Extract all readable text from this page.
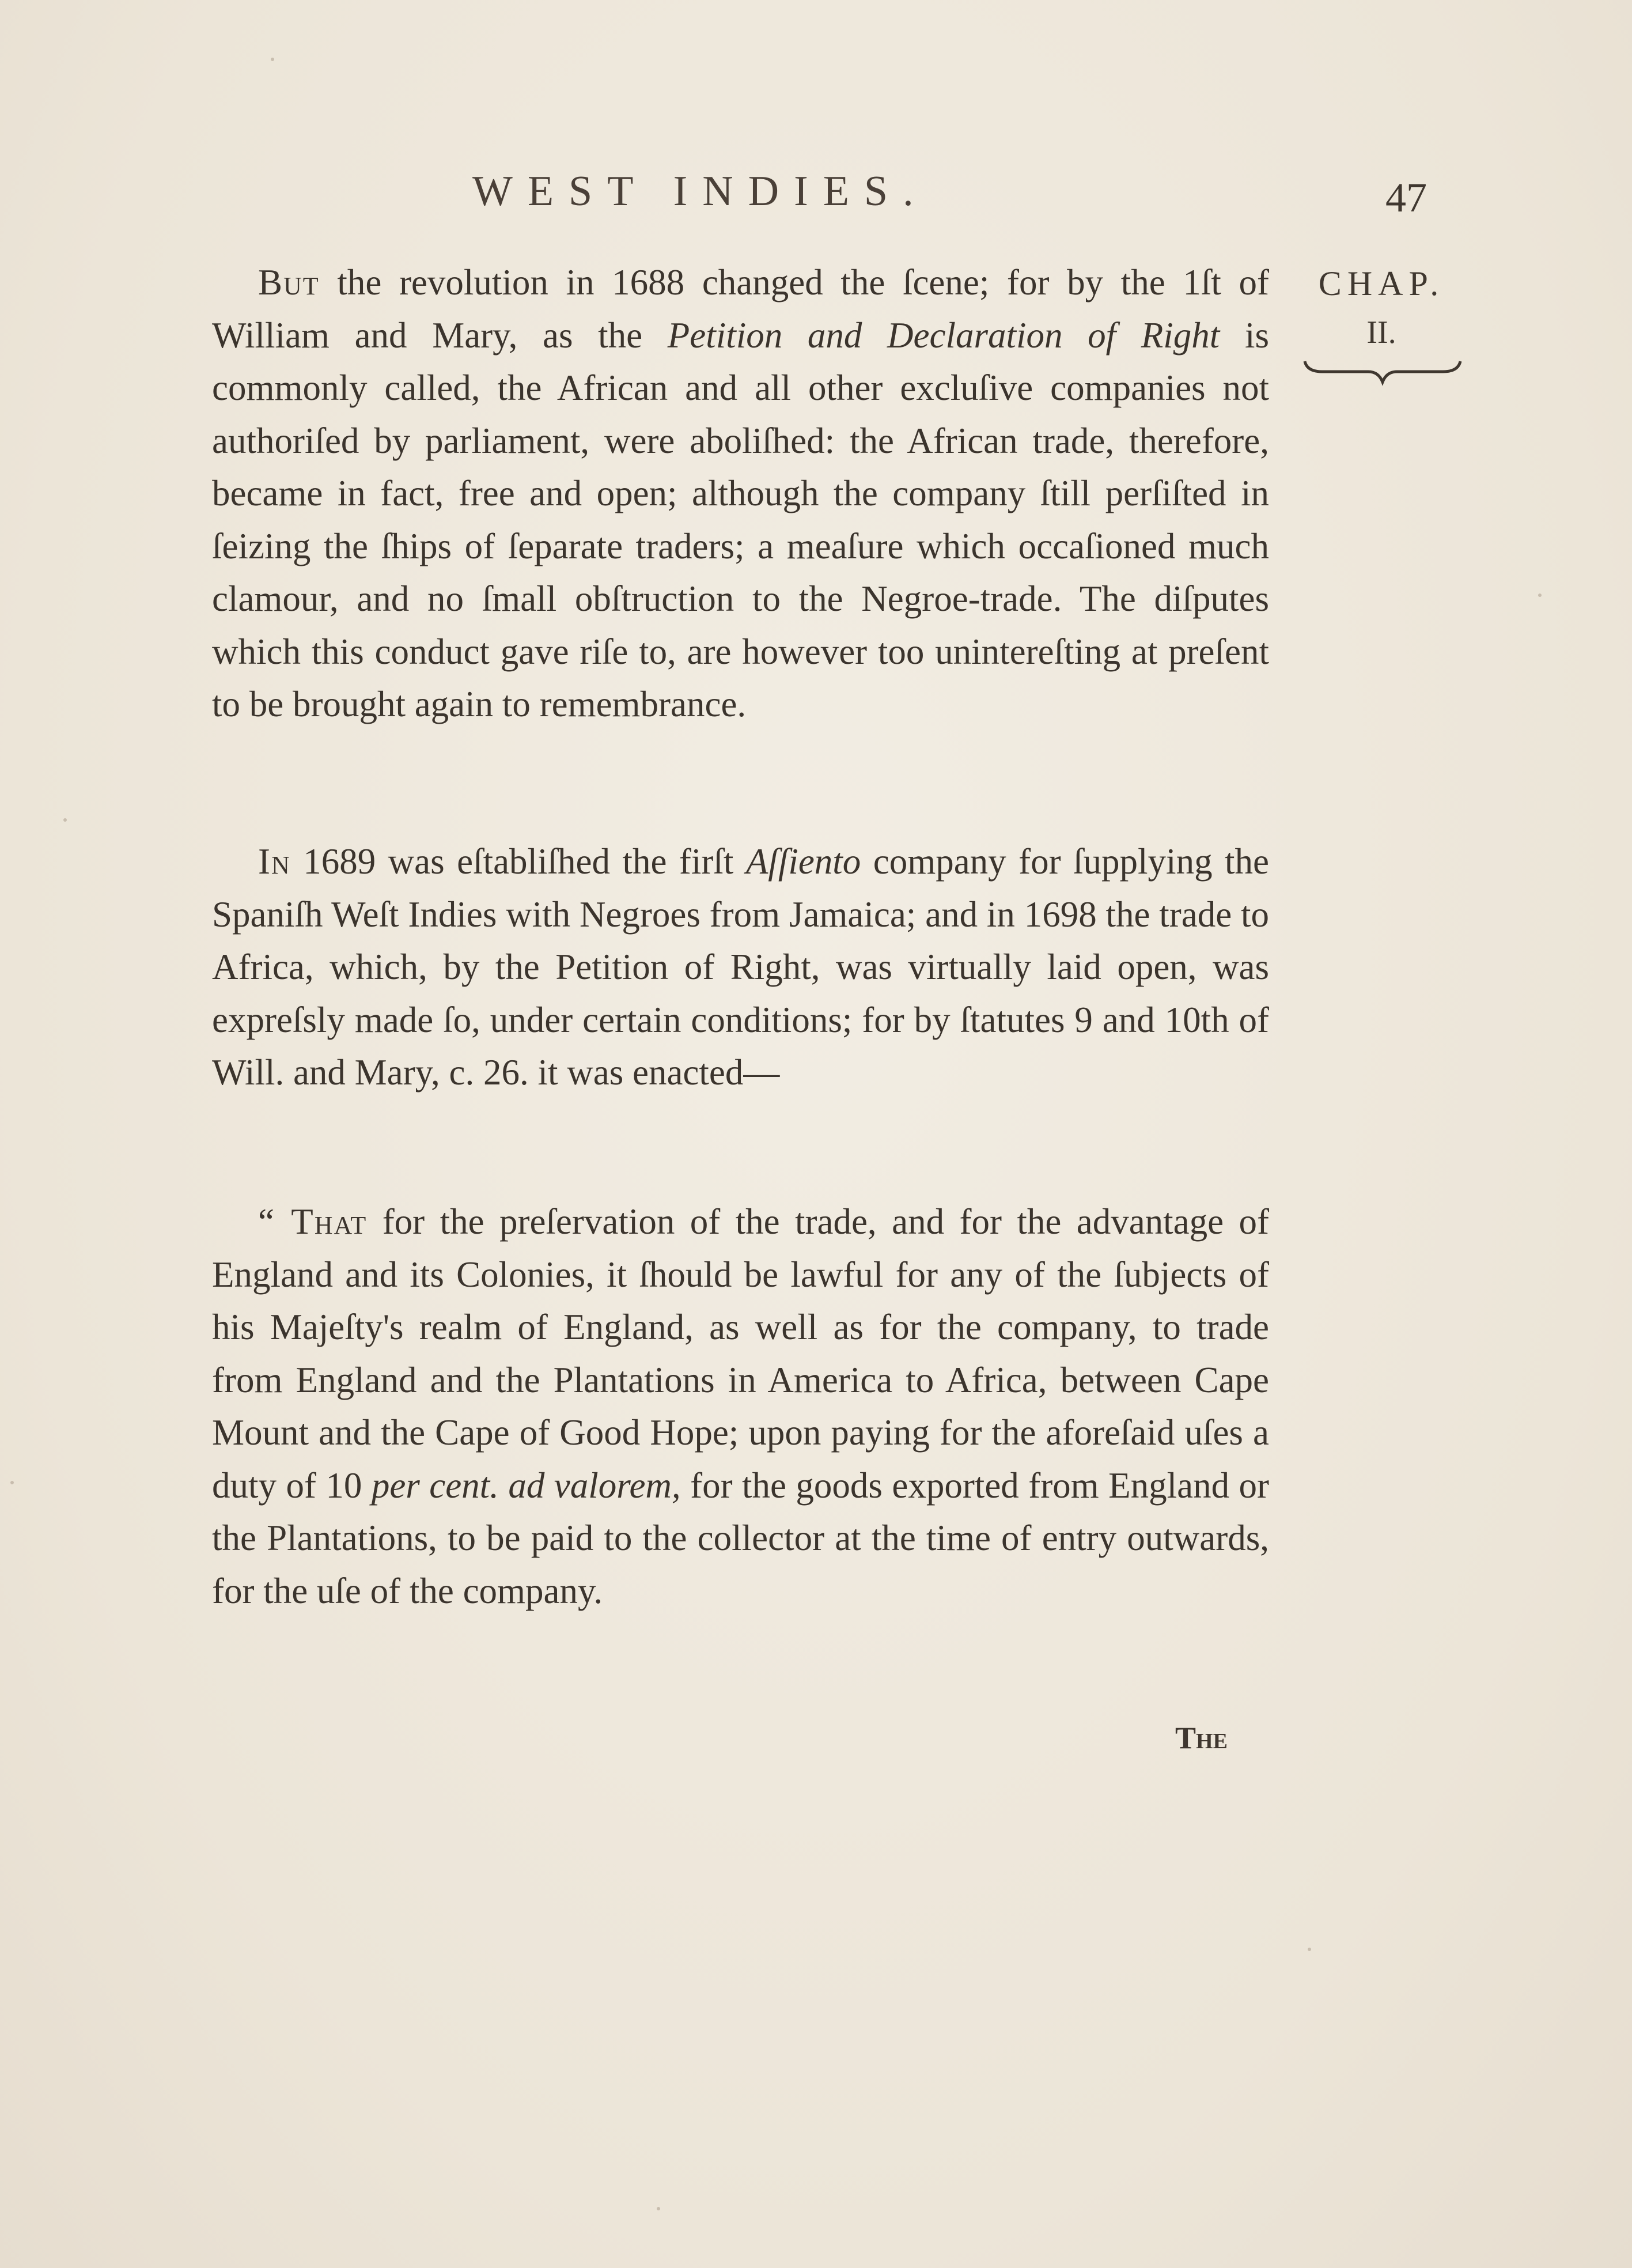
WEST INDIES.	47
CHAP.
II.

But the revolution in 1688 changed the ſcene; for by the 1ſt of William and Mary, as the Petition and Declaration of Right is commonly called, the African and all other excluſive companies not authoriſed by parliament, were aboliſhed: the African trade, therefore, became in fact, free and open; although the company ſtill perſiſted in ſeizing the ſhips of ſeparate traders; a meaſure which occaſioned much clamour, and no ſmall obſtruction to the Negroe-trade. The diſputes which this conduct gave riſe to, are however too unintereſting at preſent to be brought again to remembrance.

In 1689 was eſtabliſhed the firſt Aſſiento company for ſupplying the Spaniſh Weſt Indies with Negroes from Jamaica; and in 1698 the trade to Africa, which, by the Petition of Right, was virtually laid open, was expreſsly made ſo, under certain conditions; for by ſtatutes 9 and 10th of Will. and Mary, c. 26. it was enacted—

“ That for the preſervation of the trade, and for the advantage of England and its Colonies, it ſhould be lawful for any of the ſubjects of his Majeſty's realm of England, as well as for the company, to trade from England and the Plantations in America to Africa, between Cape Mount and the Cape of Good Hope; upon paying for the aforeſaid uſes a duty of 10 per cent. ad valorem, for the goods exported from England or the Plantations, to be paid to the collector at the time of entry outwards, for the uſe of the company.

The
